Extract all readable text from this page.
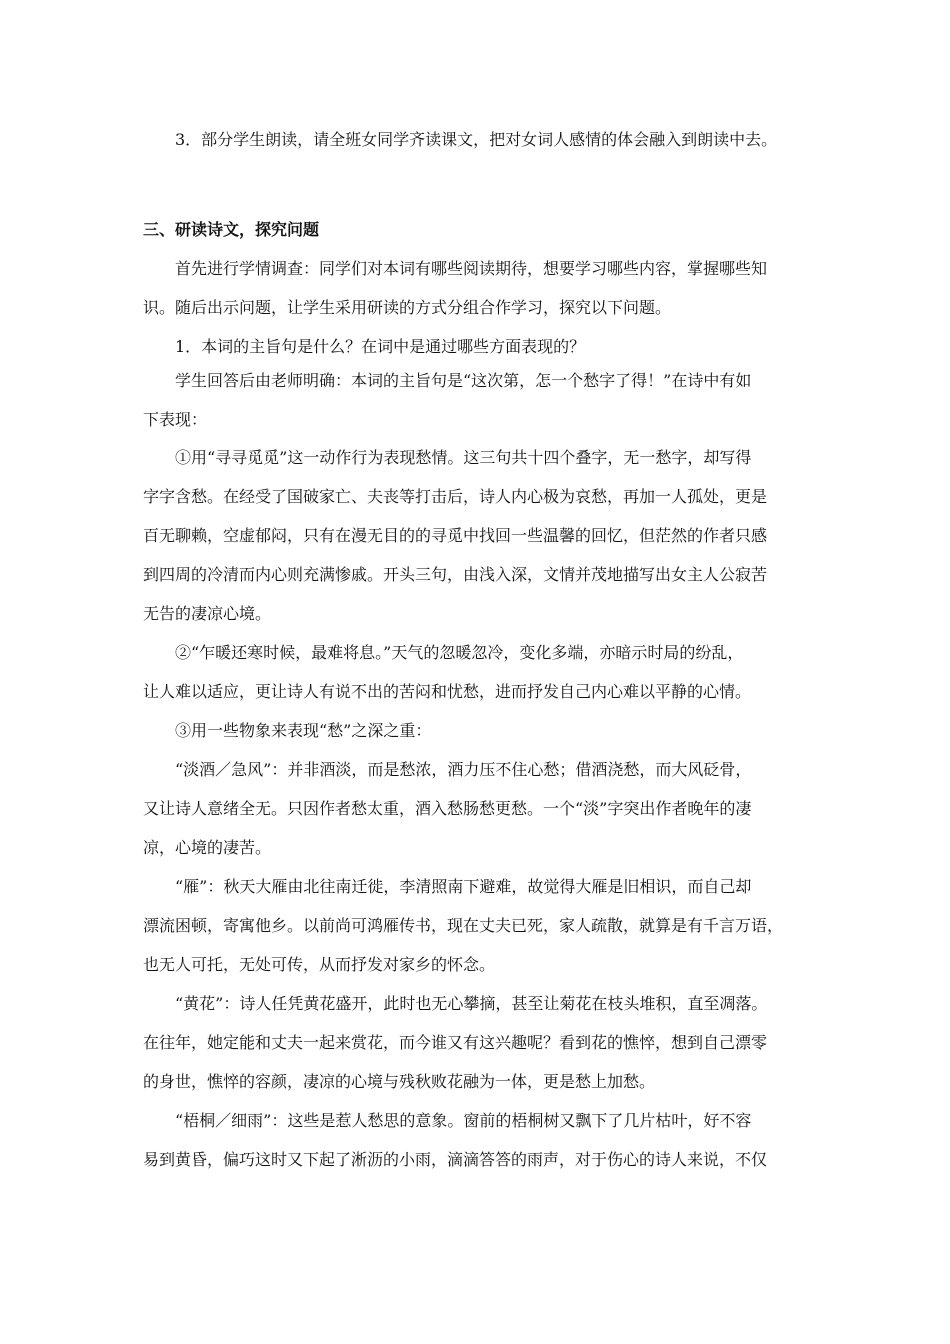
3．部分学生朗读，请全班女同学齐读课文，把对女词人感情的体会融入到朗读中去。
三、研读诗文，探究问题
首先进行学情调查：同学们对本词有哪些阅读期待，想要学习哪些内容，掌握哪些知
识。随后出示问题，让学生采用研读的方式分组合作学习，探究以下问题。
1．本词的主旨句是什么？在词中是通过哪些方面表现的？
学生回答后由老师明确：本词的主旨句是“这次第，怎一个愁字了得！”在诗中有如
下表现：
①用“寻寻觅觅”这一动作行为表现愁情。这三句共十四个叠字，无一愁字，却写得
字字含愁。在经受了国破家亡、夫丧等打击后，诗人内心极为哀愁，再加一人孤处，更是
百无聊赖，空虚郁闷，只有在漫无目的的寻觅中找回一些温馨的回忆，但茫然的作者只感
到四周的冷清而内心则充满惨戚。开头三句，由浅入深，文情并茂地描写出女主人公寂苦
无告的凄凉心境。
②“乍暖还寒时候，最难将息。”天气的忽暖忽冷，变化多端，亦暗示时局的纷乱，
让人难以适应，更让诗人有说不出的苦闷和忧愁，进而抒发自己内心难以平静的心情。
③用一些物象来表现“愁”之深之重：
“淡酒／急风”：并非酒淡，而是愁浓，酒力压不住心愁；借酒浇愁，而大风砭骨，
又让诗人意绪全无。只因作者愁太重，酒入愁肠愁更愁。一个“淡”字突出作者晚年的凄
凉，心境的凄苦。
“雁”：秋天大雁由北往南迁徙，李清照南下避难，故觉得大雁是旧相识，而自己却
漂流困顿，寄寓他乡。以前尚可鸿雁传书，现在丈夫已死，家人疏散，就算是有千言万语，
也无人可托，无处可传，从而抒发对家乡的怀念。
“黄花”：诗人任凭黄花盛开，此时也无心攀摘，甚至让菊花在枝头堆积，直至凋落。
在往年，她定能和丈夫一起来赏花，而今谁又有这兴趣呢？看到花的憔悴，想到自己漂零
的身世，憔悴的容颜，凄凉的心境与残秋败花融为一体，更是愁上加愁。
“梧桐／细雨”：这些是惹人愁思的意象。窗前的梧桐树又飘下了几片枯叶，好不容
易到黄昏，偏巧这时又下起了淅沥的小雨，滴滴答答的雨声，对于伤心的诗人来说，不仅
